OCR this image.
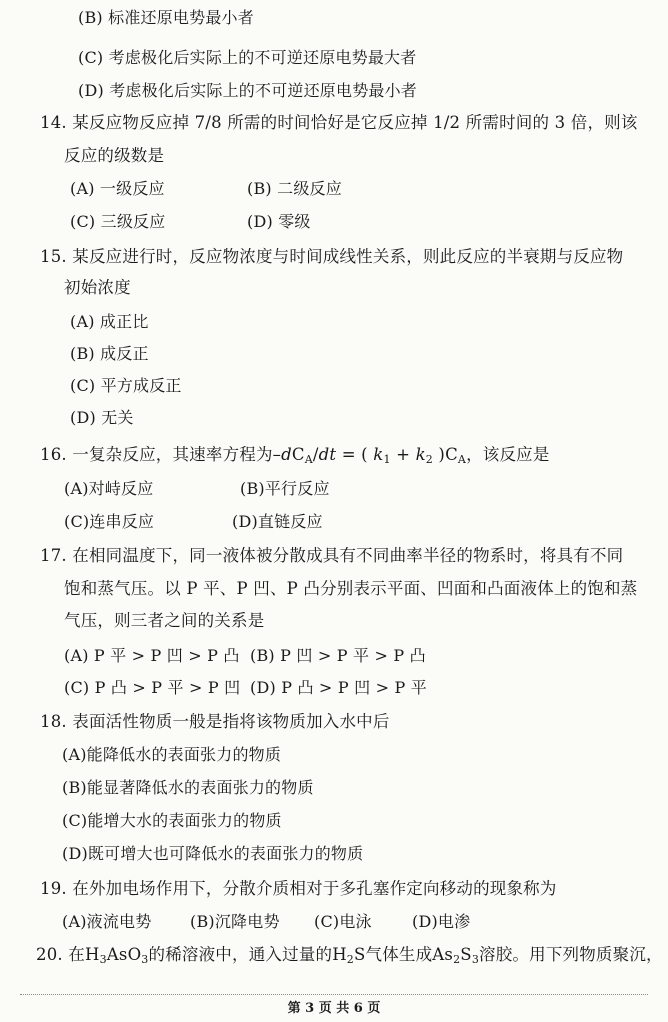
(B) 标准还原电势最小者
(C) 考虑极化后实际上的不可逆还原电势最大者
(D) 考虑极化后实际上的不可逆还原电势最小者
14. 某反应物反应掉 7/8 所需的时间恰好是它反应掉 1/2 所需时间的 3 倍，则该
反应的级数是
(A) 一级反应	(B) 二级反应
(C) 三级反应	(D) 零级
15. 某反应进行时，反应物浓度与时间成线性关系，则此反应的半衰期与反应物
初始浓度
(A) 成正比
(B) 成反正
(C) 平方成反正
(D) 无关
16. 一复杂反应，其速率方程为$-dC_A/dt$ = ( $k_1 + k_2$ )$C_A$，该反应是
(A)对峙反应	(B)平行反应
(C)连串反应	(D)直链反应
17. 在相同温度下，同一液体被分散成具有不同曲率半径的物系时，将具有不同
饱和蒸气压。以 P 平、P 凹、P 凸分别表示平面、凹面和凸面液体上的饱和蒸
气压，则三者之间的关系是
(A) P 平 > P 凹 > P 凸 (B) P 凹 > P 平 > P 凸
(C) P 凸 > P 平 > P 凹 (D) P 凸 > P 凹 > P 平
18. 表面活性物质一般是指将该物质加入水中后
(A)能降低水的表面张力的物质
(B)能显著降低水的表面张力的物质
(C)能增大水的表面张力的物质
(D)既可增大也可降低水的表面张力的物质
19. 在外加电场作用下，分散介质相对于多孔塞作定向移动的现象称为
(A)液流电势 (B)沉降电势 (C)电泳	(D)电渗
20. 在$H_3AsO_3$的稀溶液中，通入过量的$H_2S$气体生成$As_2S_3$溶胶。用下列物质聚沉，
第 3 页 共 6 页
